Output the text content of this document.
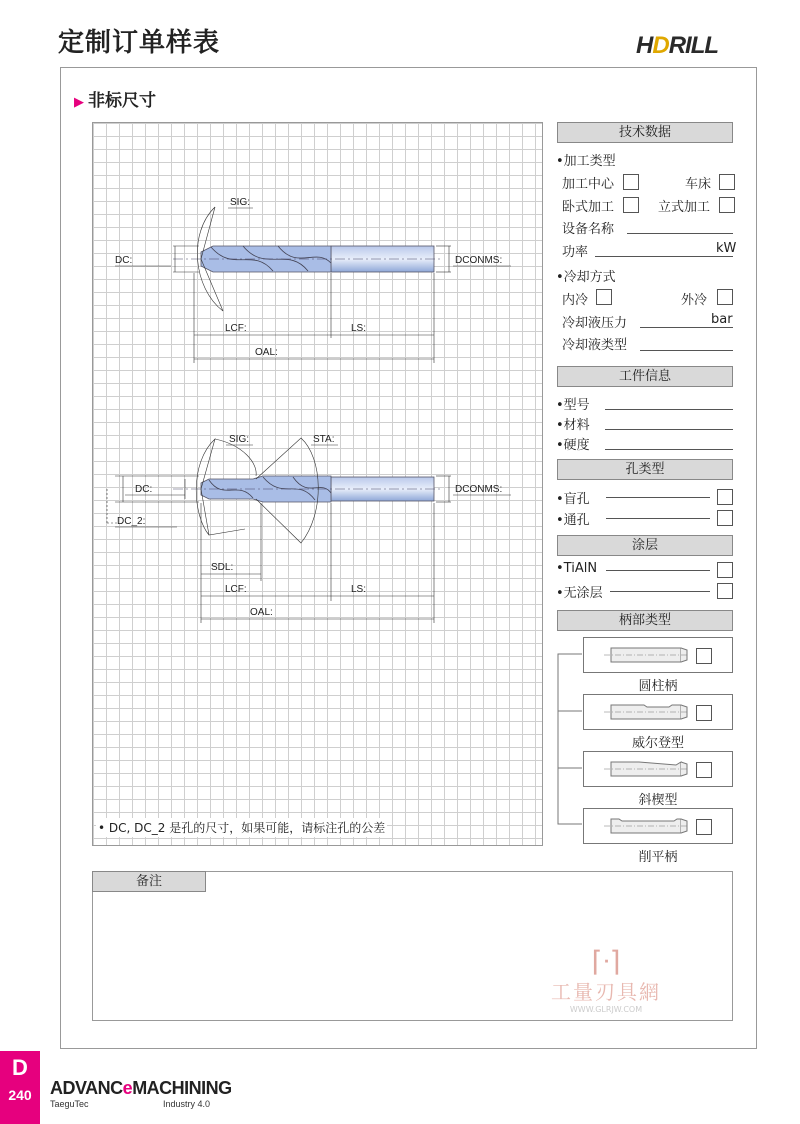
定制订单样表	HDRILL
▶ 非标尺寸
SIG:
DC:	DCONMS:
LCF:	LS:
OAL:
SIG:	STA:
DC:
DC_2:
DCONMS:
SDL:
LCF:	LS:
OAL:
• DC, DC_2 是孔的尺寸，如果可能，请标注孔的公差
技术数据
•加工类型
加工中心	车床
卧式加工	立式加工
设备名称
功率	kW
•冷却方式
内冷	外冷
冷却液压力	bar
冷却液类型
工件信息
•型号
•材料
•硬度
孔类型
•盲孔
•通孔
涂层
•TiAlN
•无涂层
柄部类型
圆柱柄
威尔登型
斜楔型
削平柄
备注
⌈ᐧ⌉
工量刃具網
WWW.GLRJW.COM
D
240	ADVANCeMACHINING
TaeguTec	Industry 4.0
